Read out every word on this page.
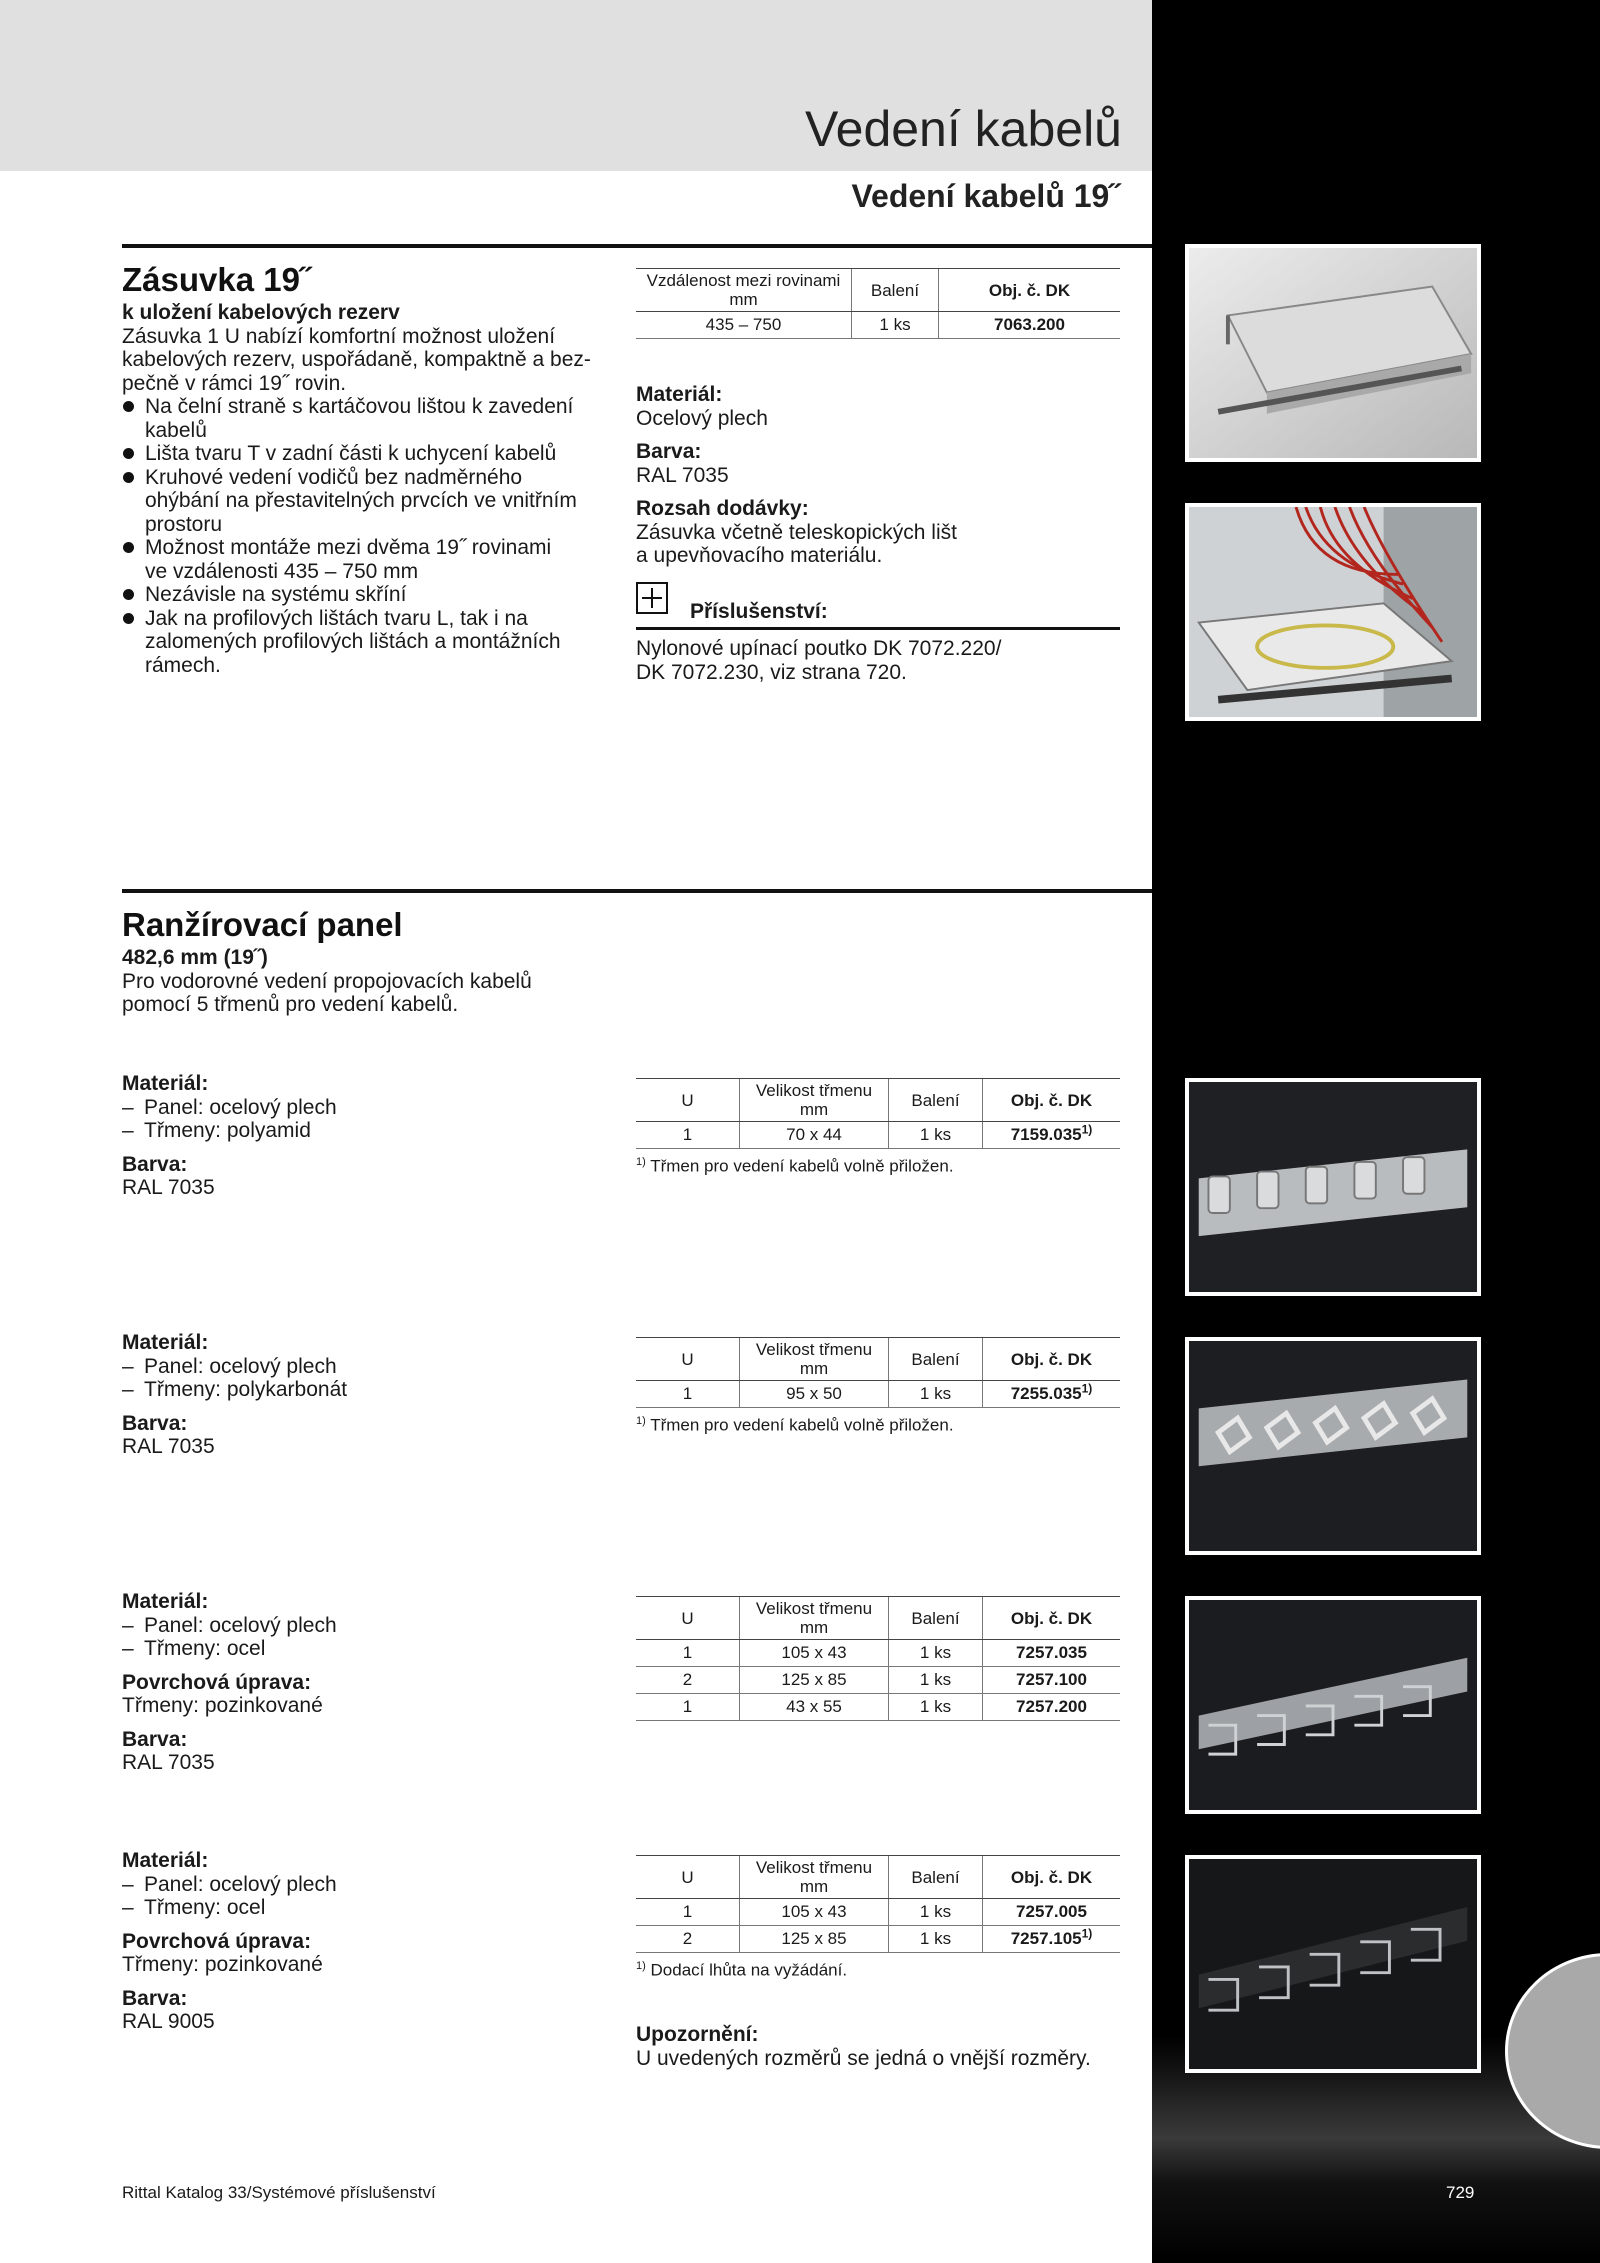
Vedení kabelů
Vedení kabelů 19˝
Zásuvka 19˝

k uložení kabelových rezerv

Zásuvka 1 U nabízí komfortní možnost uložení

kabelových rezerv, uspořádaně, kompaktně a bez-

pečně v rámci 19˝ rovin.

Na čelní straně s kartáčovou lištou k zavedení
kabelů
Lišta tvaru T v zadní části k uchycení kabelů
Kruhové vedení vodičů bez nadměrného
ohýbání na přestavitelných prvcích ve vnitřním
prostoru
Možnost montáže mezi dvěma 19˝ rovinami
ve vzdálenosti 435 – 750 mm
Nezávisle na systému skříní
Jak na profilových lištách tvaru L, tak i na
zalomených profilových lištách a montážních
rámech.
Vzdálenost mezi rovinami
mm	Balení	Obj. č. DK
435 – 750	1 ks	7063.200

Materiál:

Ocelový plech

Barva:

RAL 7035

Rozsah dodávky:

Zásuvka včetně teleskopických lišt

a upevňovacího materiálu.

Příslušenství:

Nylonové upínací poutko DK 7072.220/

DK 7072.230, viz strana 720.

Ranžírovací panel

482,6 mm (19˝)

Pro vodorovné vedení propojovacích kabelů

pomocí 5 třmenů pro vedení kabelů.

Materiál:

– Panel: ocelový plech
– Třmeny: polyamid

Barva:

RAL 7035

U	Velikost třmenu
mm	Balení	Obj. č. DK
1	70 x 44	1 ks	7159.035$^{1)}$
$^{1)}$ Třmen pro vedení kabelů volně přiložen.

Materiál:

– Panel: ocelový plech
– Třmeny: polykarbonát

Barva:

RAL 7035

U	Velikost třmenu
mm	Balení	Obj. č. DK
1	95 x 50	1 ks	7255.035$^{1)}$
$^{1)}$ Třmen pro vedení kabelů volně přiložen.

Materiál:

– Panel: ocelový plech
– Třmeny: ocel

Povrchová úprava:

Třmeny: pozinkované

Barva:

RAL 7035

U	Velikost třmenu
mm	Balení	Obj. č. DK
1	105 x 43	1 ks	7257.035
2	125 x 85	1 ks	7257.100
1	43 x 55	1 ks	7257.200

Materiál:

– Panel: ocelový plech
– Třmeny: ocel

Povrchová úprava:

Třmeny: pozinkované

Barva:

RAL 9005

U	Velikost třmenu
mm	Balení	Obj. č. DK
1	105 x 43	1 ks	7257.005
2	125 x 85	1 ks	7257.105$^{1)}$
$^{1)}$ Dodací lhůta na vyžádání.

Upozornění:

U uvedených rozměrů se jedná o vnější rozměry.

Rittal Katalog 33/Systémové příslušenství	729
